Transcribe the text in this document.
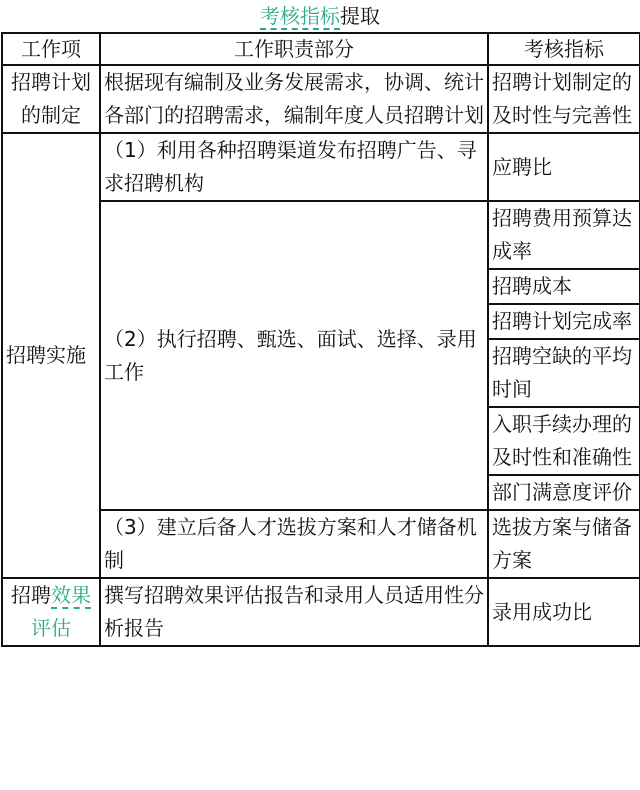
考核指标提取
工作项	工作职责部分	考核指标
招聘计划的制定	根据现有编制及业务发展需求，协调、统计各部门的招聘需求，编制年度人员招聘计划	招聘计划制定的及时性与完善性
招聘实施	（1）利用各种招聘渠道发布招聘广告、寻求招聘机构	应聘比
	（2）执行招聘、甄选、面试、选择、录用工作	招聘费用预算达成率
		招聘成本
		招聘计划完成率
		招聘空缺的平均时间
		入职手续办理的及时性和准确性
		部门满意度评价
	（3）建立后备人才选拔方案和人才储备机制	选拔方案与储备方案
招聘效果评估	撰写招聘效果评估报告和录用人员适用性分析报告	录用成功比
